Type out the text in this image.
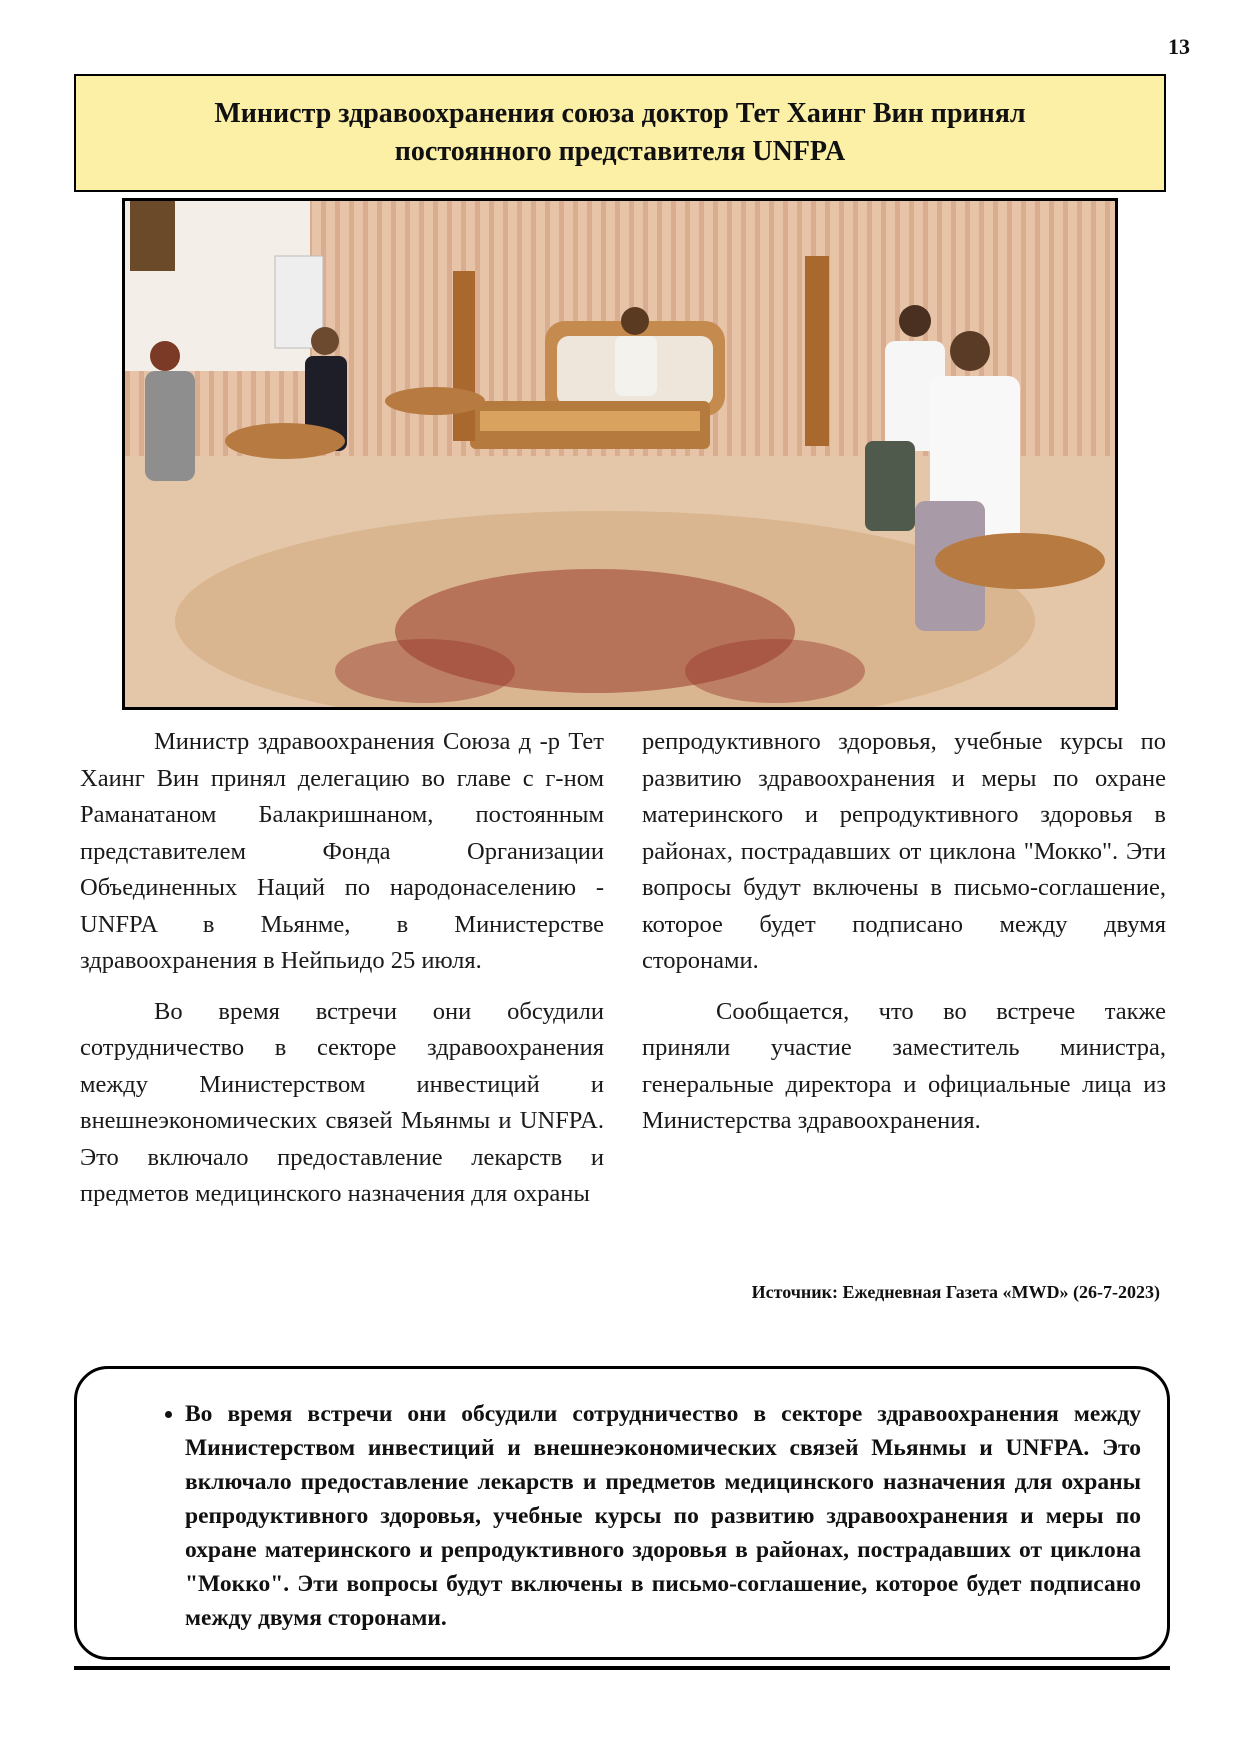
13
Министр здравоохранения союза доктор Тет Хаинг Вин принял постоянного представителя UNFPA

Министр здравоохранения Союза д -р Тет Хаинг Вин принял делегацию во главе с г-ном Раманатаном Балакришнаном, постоянным представителем Фонда Организации Объединенных Наций по народонаселению - UNFPA в Мьянме, в Министерстве здравоохранения в Нейпьидо 25 июля.

Во время встречи они обсудили сотрудничество в секторе здравоохранения между Министерством инвестиций и внешнеэкономических связей Мьянмы и UNFPA. Это включало предоставление лекарств и предметов медицинского назначения для охраны

репродуктивного здоровья, учебные курсы по развитию здравоохранения и меры по охране материнского и репродуктивного здоровья в районах, пострадавших от циклона "Мокко". Эти вопросы будут включены в письмо-соглашение, которое будет подписано между двумя сторонами.

Сообщается, что во встрече также приняли участие заместитель министра, генеральные директора и официальные лица из Министерства здравоохранения.

Источник: Ежедневная Газета «MWD» (26-7-2023)
• Во время встречи они обсудили сотрудничество в секторе здравоохранения между Министерством инвестиций и внешнеэкономических связей Мьянмы и UNFPA. Это включало предоставление лекарств и предметов медицинского назначения для охраны репродуктивного здоровья, учебные курсы по развитию здравоохранения и меры по охране материнского и репродуктивного здоровья в районах, пострадавших от циклона "Мокко". Эти вопросы будут включены в письмо-соглашение, которое будет подписано между двумя сторонами.
